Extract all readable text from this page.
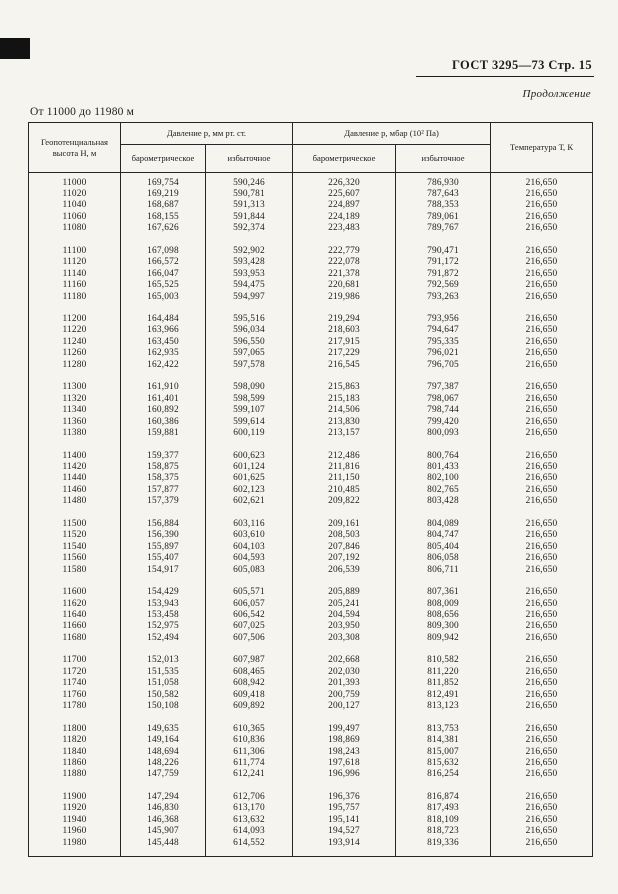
ГОСТ 3295—73 Стр. 15
Продолжение
От 11000 до 11980 м
Геопотенциальная высота Н, м	Давление p, мм рт. ст.		Давление p, мбар (10² Па)		Температура Т, К
	барометрическое	избыточное	барометрическое	избыточное	

11000	169,754	590,246	226,320	786,930	216,650
11020	169,219	590,781	225,607	787,643	216,650
11040	168,687	591,313	224,897	788,353	216,650
11060	168,155	591,844	224,189	789,061	216,650
11080	167,626	592,374	223,483	789,767	216,650

11100	167,098	592,902	222,779	790,471	216,650
11120	166,572	593,428	222,078	791,172	216,650
11140	166,047	593,953	221,378	791,872	216,650
11160	165,525	594,475	220,681	792,569	216,650
11180	165,003	594,997	219,986	793,263	216,650

11200	164,484	595,516	219,294	793,956	216,650
11220	163,966	596,034	218,603	794,647	216,650
11240	163,450	596,550	217,915	795,335	216,650
11260	162,935	597,065	217,229	796,021	216,650
11280	162,422	597,578	216,545	796,705	216,650

11300	161,910	598,090	215,863	797,387	216,650
11320	161,401	598,599	215,183	798,067	216,650
11340	160,892	599,107	214,506	798,744	216,650
11360	160,386	599,614	213,830	799,420	216,650
11380	159,881	600,119	213,157	800,093	216,650

11400	159,377	600,623	212,486	800,764	216,650
11420	158,875	601,124	211,816	801,433	216,650
11440	158,375	601,625	211,150	802,100	216,650
11460	157,877	602,123	210,485	802,765	216,650
11480	157,379	602,621	209,822	803,428	216,650

11500	156,884	603,116	209,161	804,089	216,650
11520	156,390	603,610	208,503	804,747	216,650
11540	155,897	604,103	207,846	805,404	216,650
11560	155,407	604,593	207,192	806,058	216,650
11580	154,917	605,083	206,539	806,711	216,650

11600	154,429	605,571	205,889	807,361	216,650
11620	153,943	606,057	205,241	808,009	216,650
11640	153,458	606,542	204,594	808,656	216,650
11660	152,975	607,025	203,950	809,300	216,650
11680	152,494	607,506	203,308	809,942	216,650

11700	152,013	607,987	202,668	810,582	216,650
11720	151,535	608,465	202,030	811,220	216,650
11740	151,058	608,942	201,393	811,852	216,650
11760	150,582	609,418	200,759	812,491	216,650
11780	150,108	609,892	200,127	813,123	216,650

11800	149,635	610,365	199,497	813,753	216,650
11820	149,164	610,836	198,869	814,381	216,650
11840	148,694	611,306	198,243	815,007	216,650
11860	148,226	611,774	197,618	815,632	216,650
11880	147,759	612,241	196,996	816,254	216,650

11900	147,294	612,706	196,376	816,874	216,650
11920	146,830	613,170	195,757	817,493	216,650
11940	146,368	613,632	195,141	818,109	216,650
11960	145,907	614,093	194,527	818,723	216,650
11980	145,448	614,552	193,914	819,336	216,650
